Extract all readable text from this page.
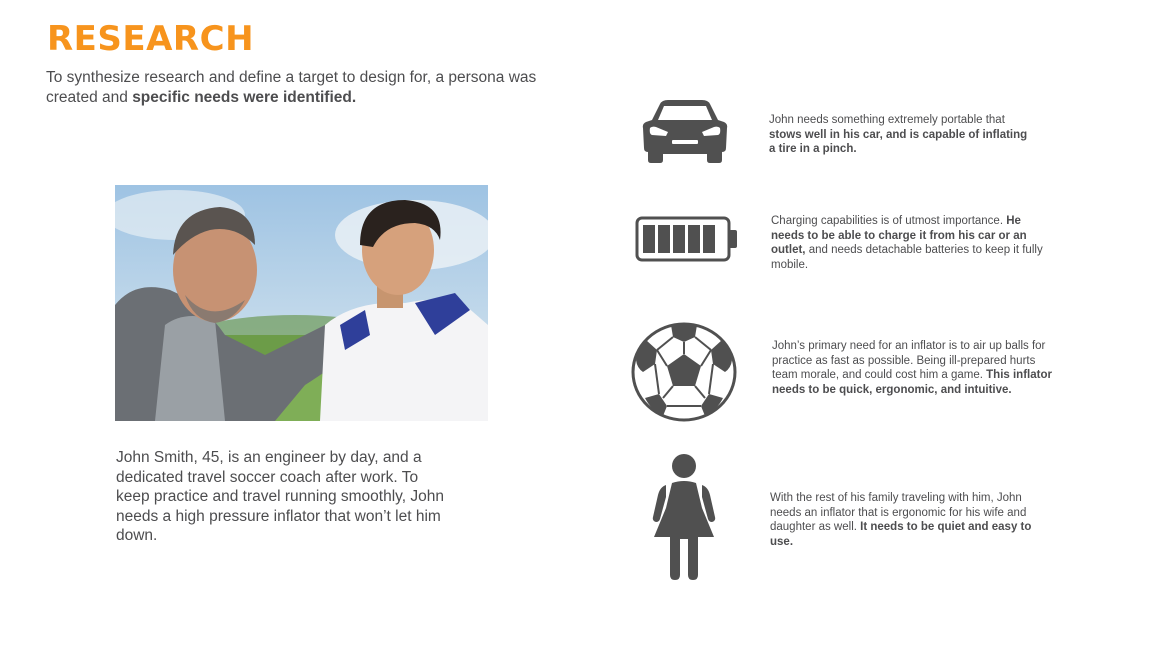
RESEARCH
To synthesize research and define a target to design for, a persona was created and specific needs were identified.
John Smith, 45, is an engineer by day, and a dedicated travel soccer coach after work. To keep practice and travel running smoothly, John needs a high pressure inflator that won’t let him down.
John needs something extremely portable that stows well in his car, and is capable of inflating a tire in a pinch.
Charging capabilities is of utmost importance. He needs to be able to charge it from his car or an outlet, and needs detachable batteries to keep it fully mobile.
John’s primary need for an inflator is to air up balls for practice as fast as possible. Being ill-prepared hurts team morale, and could cost him a game. This inflator needs to be quick, ergonomic, and intuitive.
With the rest of his family traveling with him, John needs an inflator that is ergonomic for his wife and daughter as well. It needs to be quiet and easy to use.
